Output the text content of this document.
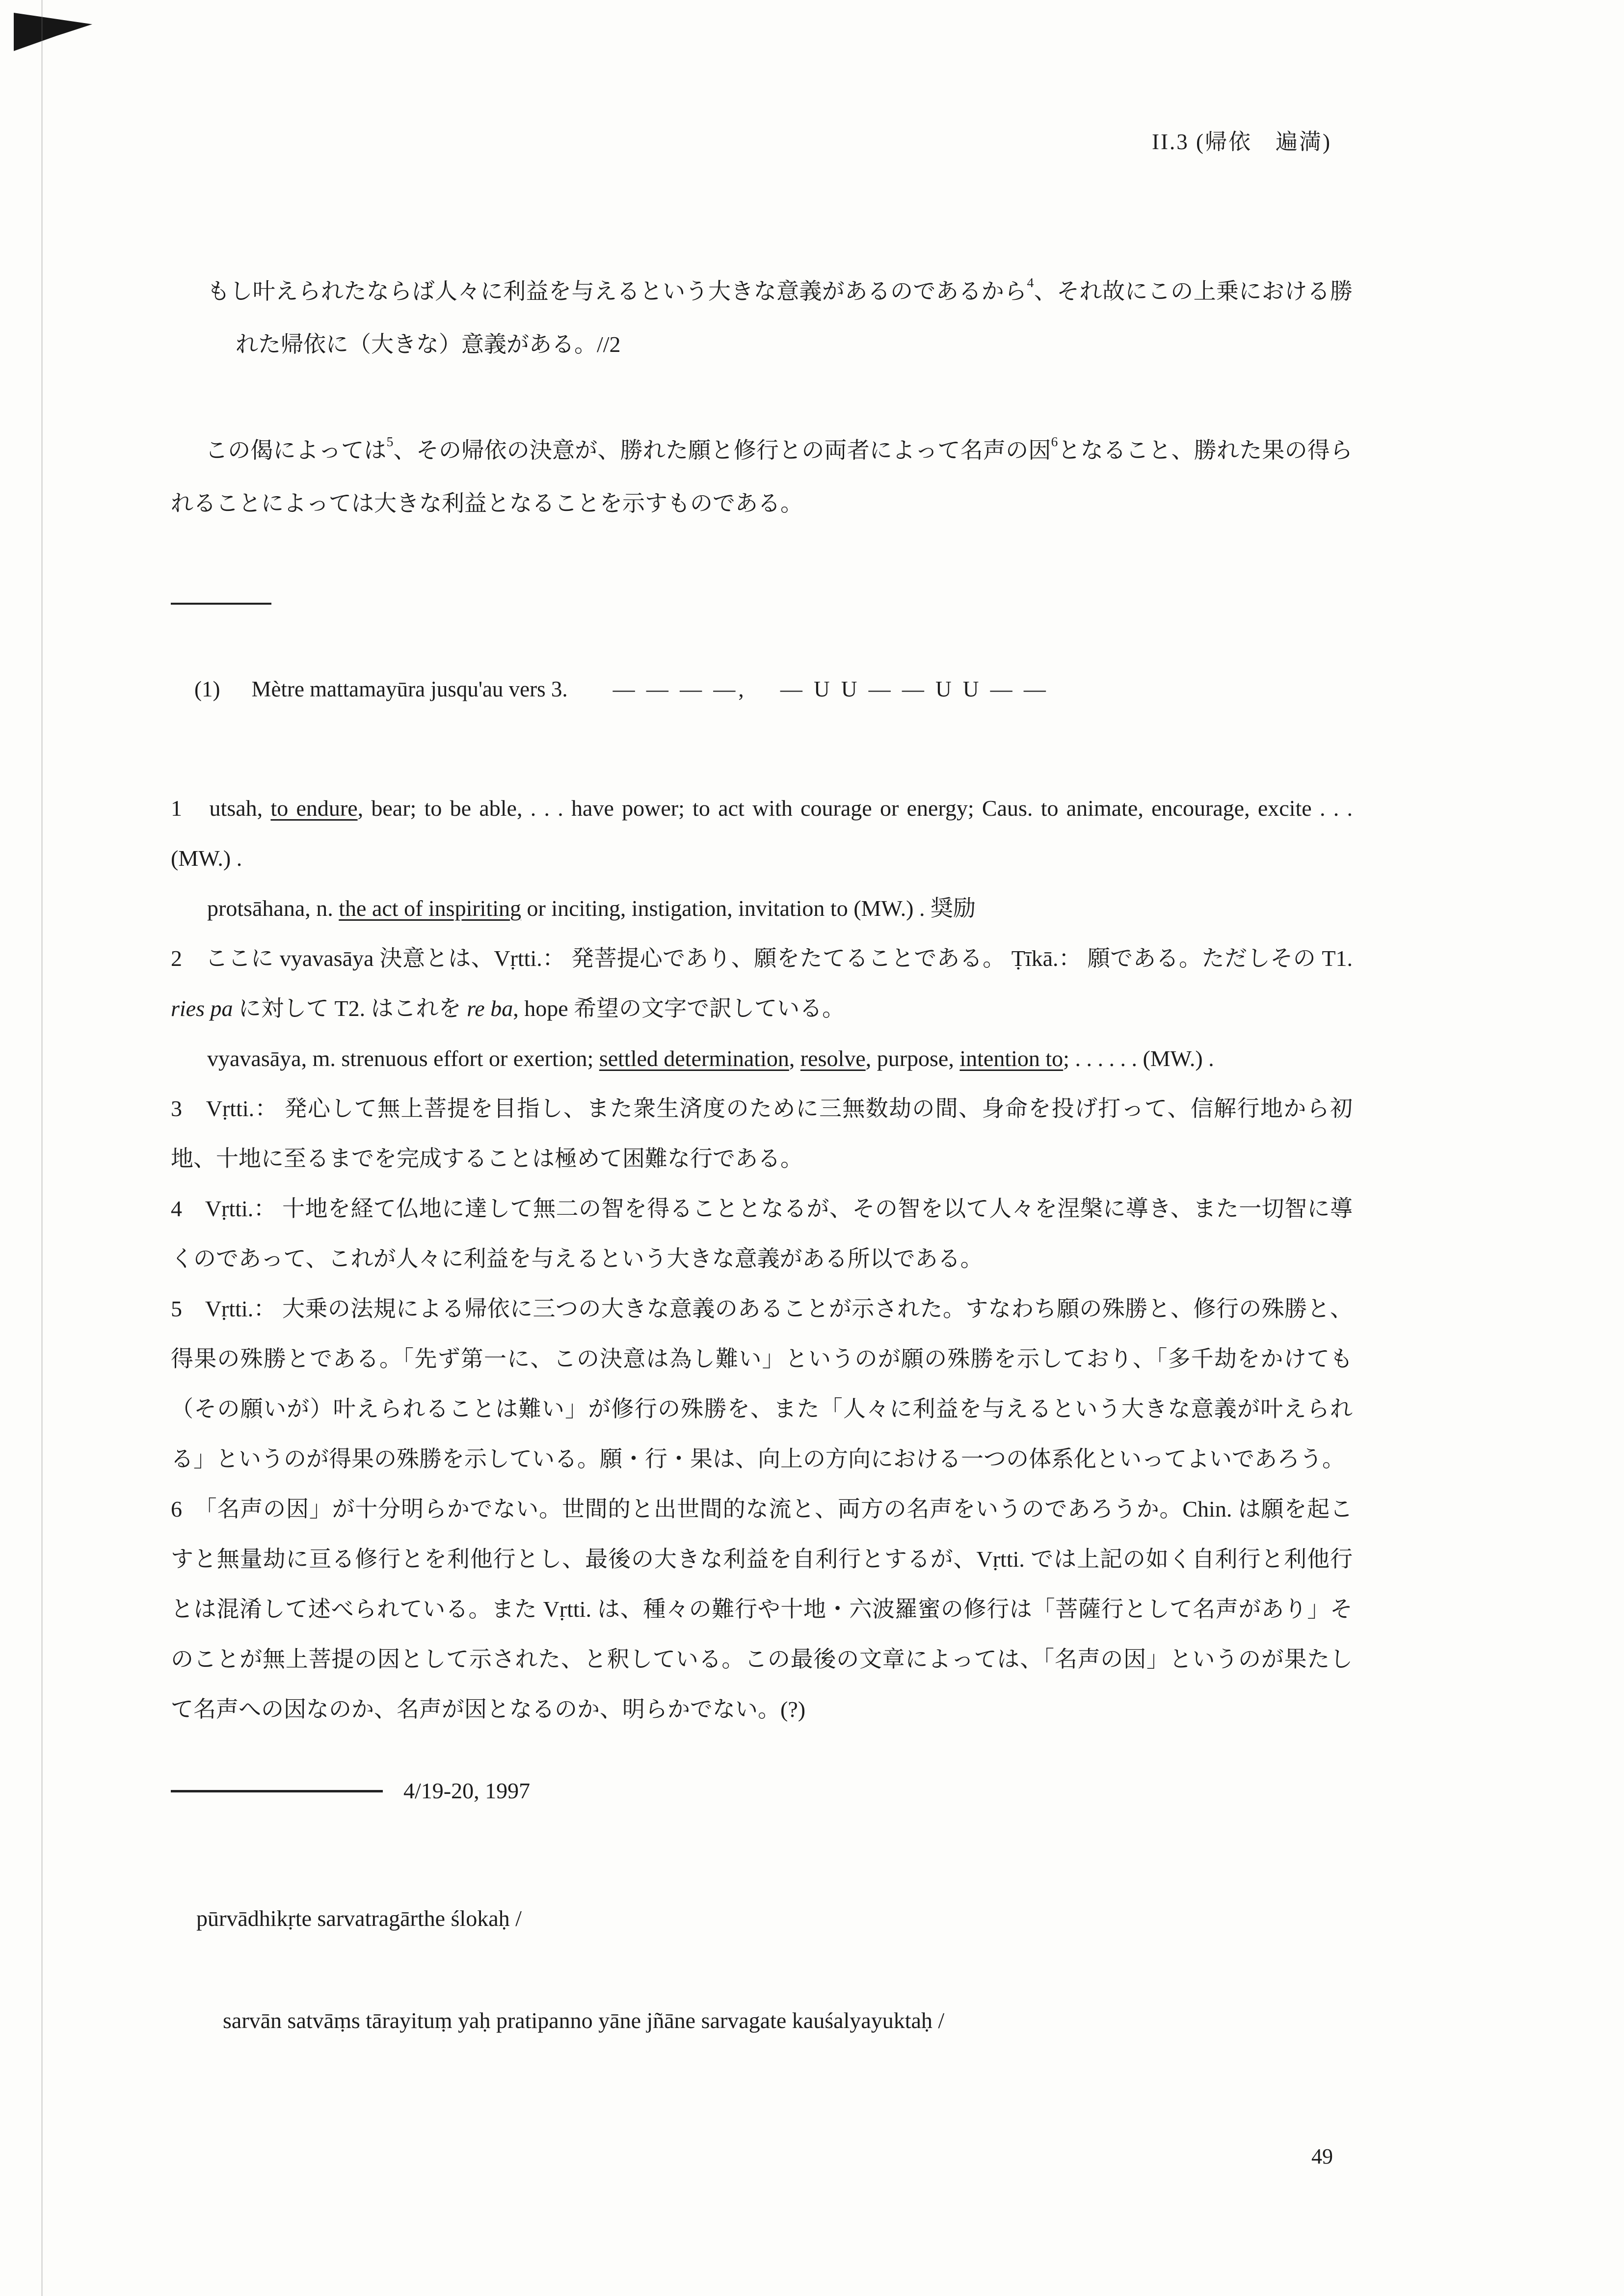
II.3 (帰依　遍満)

もし叶えられたならば人々に利益を与えるという大きな意義があるのであるから$^4$、それ故にこの上乗における勝れた帰依に（大きな）意義がある。//2

この偈によっては$^5$、その帰依の決意が、勝れた願と修行との両者によって名声の因$^6$となること、勝れた果の得られることによっては大きな利益となることを示すものである。

(1) Mètre mattamayūra jusqu'au vers 3. — — — —,　 — U U — — U U — —

1　utsah, to endure, bear; to be able, . . . have power; to act with courage or energy; Caus. to animate, encourage, excite . . . (MW.) .

protsāhana, n. the act of inspiriting or inciting, instigation, invitation to (MW.) . 奨励

2　ここに vyavasāya 決意とは、Vṛtti.： 発菩提心であり、願をたてることである。 Ṭīkā.： 願である。ただしその T1. ries pa に対して T2. はこれを re ba, hope 希望の文字で訳している。

vyavasāya, m. strenuous effort or exertion; settled determination, resolve, purpose, intention to; . . . . . . (MW.) .

3　Vṛtti.： 発心して無上菩提を目指し、また衆生済度のために三無数劫の間、身命を投げ打って、信解行地から初地、十地に至るまでを完成することは極めて困難な行である。

4　Vṛtti.： 十地を経て仏地に達して無二の智を得ることとなるが、その智を以て人々を涅槃に導き、また一切智に導くのであって、これが人々に利益を与えるという大きな意義がある所以である。

5　Vṛtti.： 大乗の法規による帰依に三つの大きな意義のあることが示された。すなわち願の殊勝と、修行の殊勝と、得果の殊勝とである。「先ず第一に、この決意は為し難い」というのが願の殊勝を示しており、「多千劫をかけても（その願いが）叶えられることは難い」が修行の殊勝を、また「人々に利益を与えるという大きな意義が叶えられる」というのが得果の殊勝を示している。願・行・果は、向上の方向における一つの体系化といってよいであろう。

6　「名声の因」が十分明らかでない。世間的と出世間的な流と、両方の名声をいうのであろうか。Chin. は願を起こすと無量劫に亘る修行とを利他行とし、最後の大きな利益を自利行とするが、Vṛtti. では上記の如く自利行と利他行とは混淆して述べられている。また Vṛtti. は、種々の難行や十地・六波羅蜜の修行は「菩薩行として名声があり」そのことが無上菩提の因として示された、と釈している。この最後の文章によっては、「名声の因」というのが果たして名声への因なのか、名声が因となるのか、明らかでない。(?)

4/19-20, 1997

pūrvādhikṛte sarvatragārthe ślokaḥ /

sarvān satvāṃs tārayituṃ yaḥ pratipanno yāne jñāne sarvagate kauśalyayuktaḥ /

49
